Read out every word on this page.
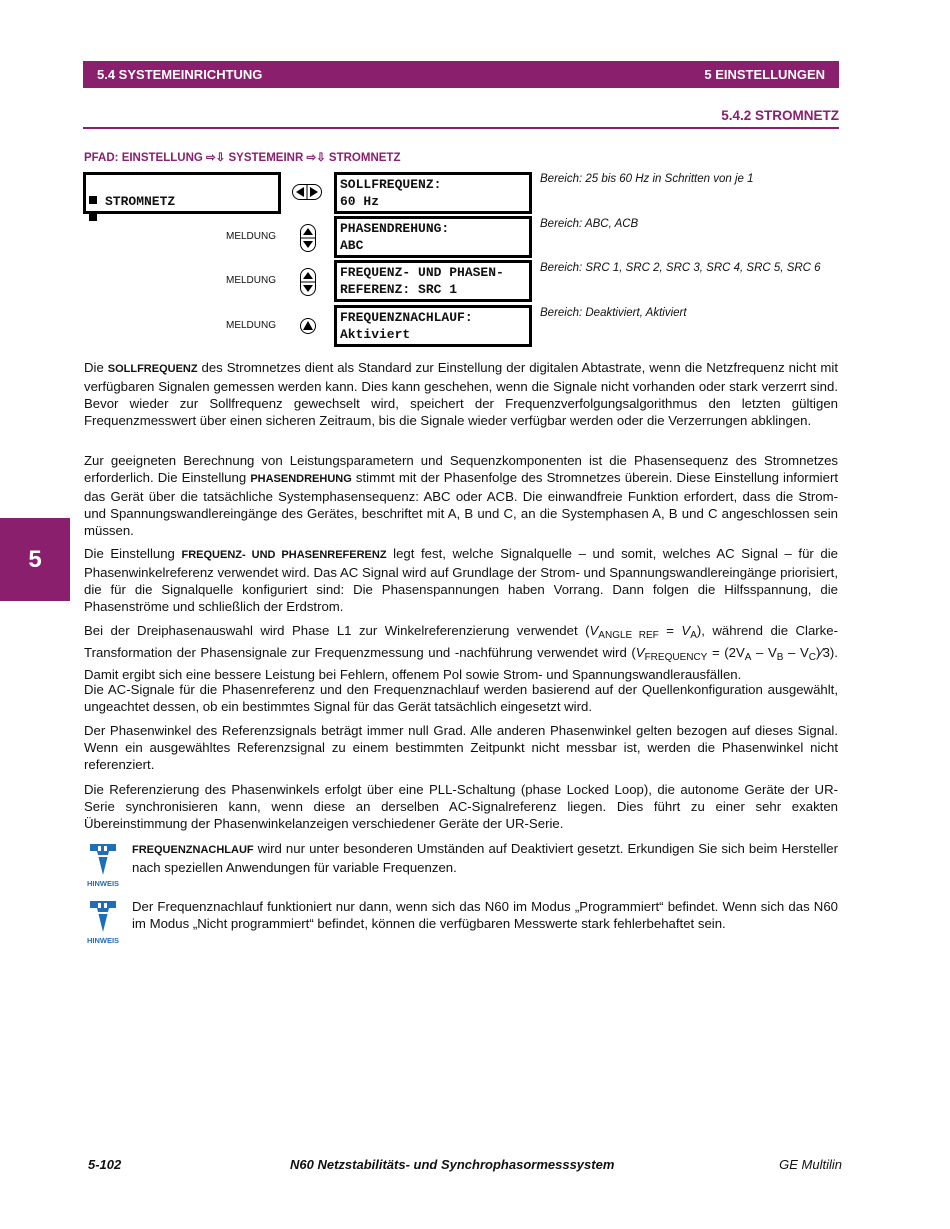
5.4 SYSTEMEINRICHTUNG	5 EINSTELLUNGEN
5.4.2 STROMNETZ
PFAD: EINSTELLUNG ⇨⇩ SYSTEMEINR ⇨⇩ STROMNETZ

STROMNETZ

SOLLFREQUENZ:
60 Hz
Bereich: 25 bis 60 Hz in Schritten von je 1
MELDUNG
PHASENDREHUNG:
ABC
Bereich: ABC, ACB
MELDUNG
FREQUENZ- UND PHASEN-
REFERENZ: SRC 1
Bereich: SRC 1, SRC 2, SRC 3, SRC 4, SRC 5, SRC 6
MELDUNG
FREQUENZNACHLAUF:
Aktiviert
Bereich: Deaktiviert, Aktiviert
Die SOLLFREQUENZ des Stromnetzes dient als Standard zur Einstellung der digitalen Abtastrate, wenn die Netzfrequenz nicht mit verfügbaren Signalen gemessen werden kann. Dies kann geschehen, wenn die Signale nicht vorhanden oder stark verzerrt sind. Bevor wieder zur Sollfrequenz gewechselt wird, speichert der Frequenzverfolgungsalgorithmus den letzten gültigen Frequenzmesswert über einen sicheren Zeitraum, bis die Signale wieder verfügbar werden oder die Verzerrungen abklingen.
Zur geeigneten Berechnung von Leistungsparametern und Sequenzkomponenten ist die Phasensequenz des Stromnetzes erforderlich. Die Einstellung PHASENDREHUNG stimmt mit der Phasenfolge des Stromnetzes überein. Diese Einstellung informiert das Gerät über die tatsächliche Systemphasensequenz: ABC oder ACB. Die einwandfreie Funktion erfordert, dass die Strom- und Spannungswandlereingänge des Gerätes, beschriftet mit A, B und C, an die Systemphasen A, B und C angeschlossen sein müssen.
Die Einstellung FREQUENZ- UND PHASENREFERENZ legt fest, welche Signalquelle – und somit, welches AC Signal – für die Phasenwinkelreferenz verwendet wird. Das AC Signal wird auf Grundlage der Strom- und Spannungswandlereingänge priorisiert, die für die Signalquelle konfiguriert sind: Die Phasenspannungen haben Vorrang. Dann folgen die Hilfsspannung, die Phasenströme und schließlich der Erdstrom.
Bei der Dreiphasenauswahl wird Phase L1 zur Winkelreferenzierung verwendet $(V_{ANGLE REF} = V_A)$, während die Clarke-Transformation der Phasensignale zur Frequenzmessung und -nachführung verwendet wird ($V_{FREQUENCY} = (2V_A - V_B$ – $V_C)⁄3$). Damit ergibt sich eine bessere Leistung bei Fehlern, offenem Pol sowie Strom- und Spannungswandlerausfällen.
Die AC-Signale für die Phasenreferenz und den Frequenznachlauf werden basierend auf der Quellenkonfiguration ausgewählt, ungeachtet dessen, ob ein bestimmtes Signal für das Gerät tatsächlich eingesetzt wird.
Der Phasenwinkel des Referenzsignals beträgt immer null Grad. Alle anderen Phasenwinkel gelten bezogen auf dieses Signal. Wenn ein ausgewähltes Referenzsignal zu einem bestimmten Zeitpunkt nicht messbar ist, werden die Phasenwinkel nicht referenziert.
Die Referenzierung des Phasenwinkels erfolgt über eine PLL-Schaltung (phase Locked Loop), die autonome Geräte der UR-Serie synchronisieren kann, wenn diese an derselben AC-Signalreferenz liegen. Dies führt zu einer sehr exakten Übereinstimmung der Phasenwinkelanzeigen verschiedener Geräte der UR-Serie.
5
HINWEIS
FREQUENZNACHLAUF wird nur unter besonderen Umständen auf Deaktiviert gesetzt. Erkundigen Sie sich beim Hersteller nach speziellen Anwendungen für variable Frequenzen.
HINWEIS
Der Frequenznachlauf funktioniert nur dann, wenn sich das N60 im Modus „Programmiert“ befindet. Wenn sich das N60 im Modus „Nicht programmiert“ befindet, können die verfügbaren Messwerte stark fehlerbehaftet sein.
5-102	N60 Netzstabilitäts- und Synchrophasormesssystem	GE Multilin
